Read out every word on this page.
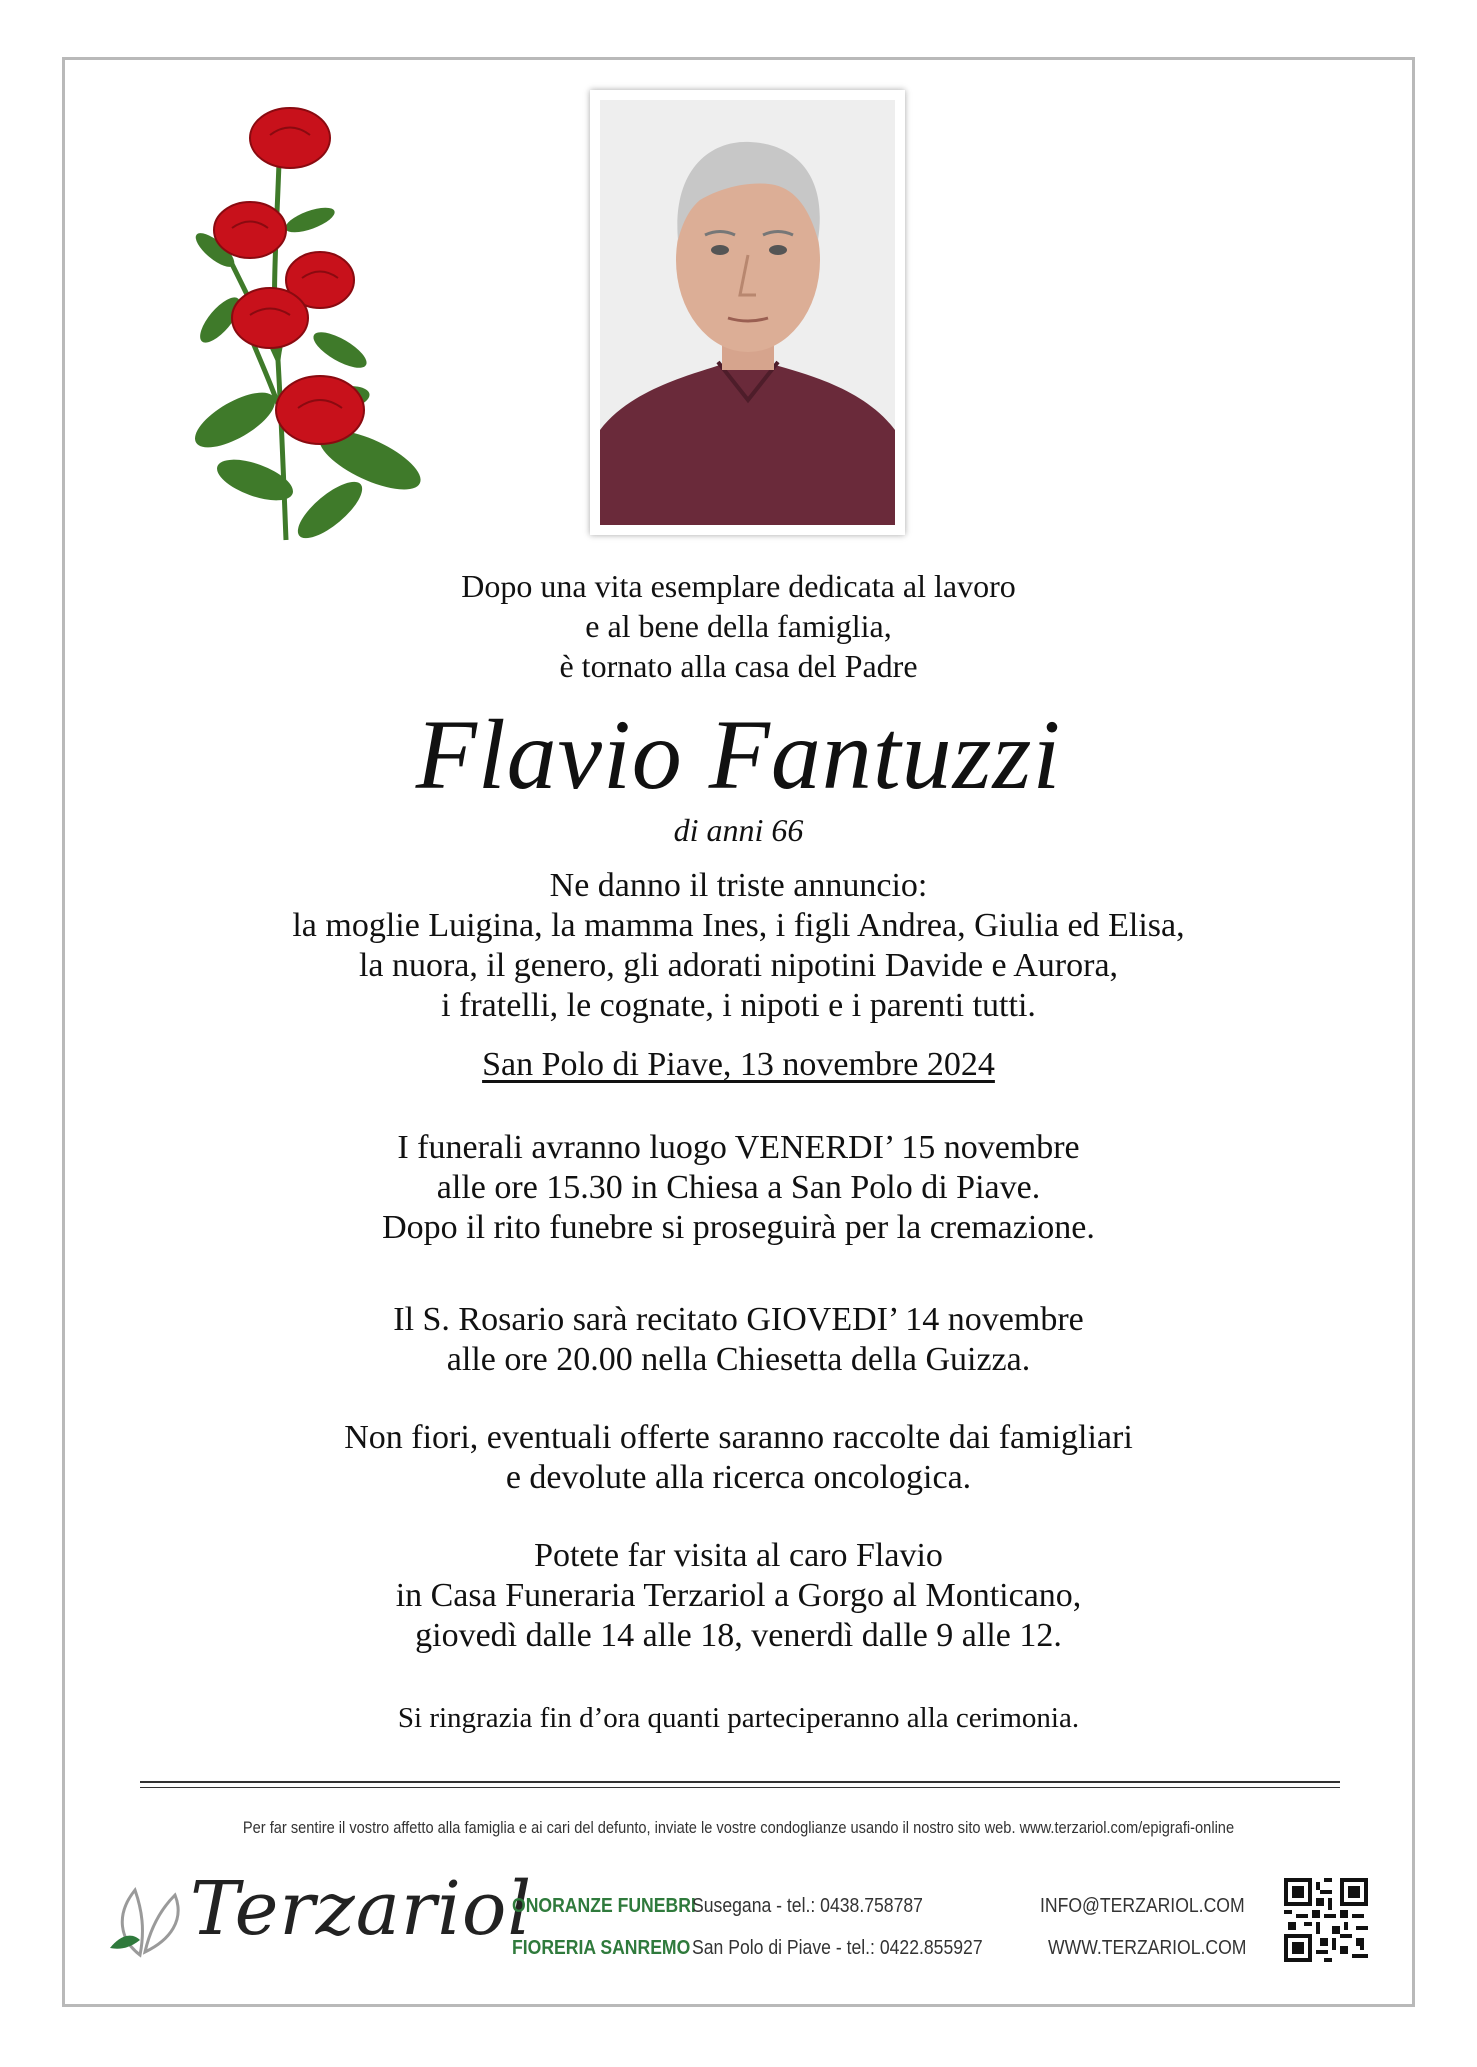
Dopo una vita esemplare dedicata al lavoro
e al bene della famiglia,
è tornato alla casa del Padre
Flavio Fantuzzi
di anni 66
Ne danno il triste annuncio:
la moglie Luigina, la mamma Ines, i figli Andrea, Giulia ed Elisa,
la nuora, il genero, gli adorati nipotini Davide e Aurora,
i fratelli, le cognate, i nipoti e i parenti tutti.
San Polo di Piave, 13 novembre 2024
I funerali avranno luogo VENERDI’ 15 novembre
alle ore 15.30 in Chiesa a San Polo di Piave.
Dopo il rito funebre si proseguirà per la cremazione.
Il S. Rosario sarà recitato GIOVEDI’ 14 novembre
alle ore 20.00 nella Chiesetta della Guizza.
Non fiori, eventuali offerte saranno raccolte dai famigliari
e devolute alla ricerca oncologica.
Potete far visita al caro Flavio
in Casa Funeraria Terzariol a Gorgo al Monticano,
giovedì dalle 14 alle 18, venerdì dalle 9 alle 12.
Si ringrazia fin d’ora quanti parteciperanno alla cerimonia.
Per far sentire il vostro affetto alla famiglia e ai cari del defunto, inviate le vostre condoglianze usando il nostro sito web. www.terzariol.com/epigrafi-online
Terzariol
ONORANZE FUNEBRI
FIORERIA SANREMO
Susegana - tel.: 0438.758787
San Polo di Piave - tel.: 0422.855927
INFO@TERZARIOL.COM
WWW.TERZARIOL.COM
